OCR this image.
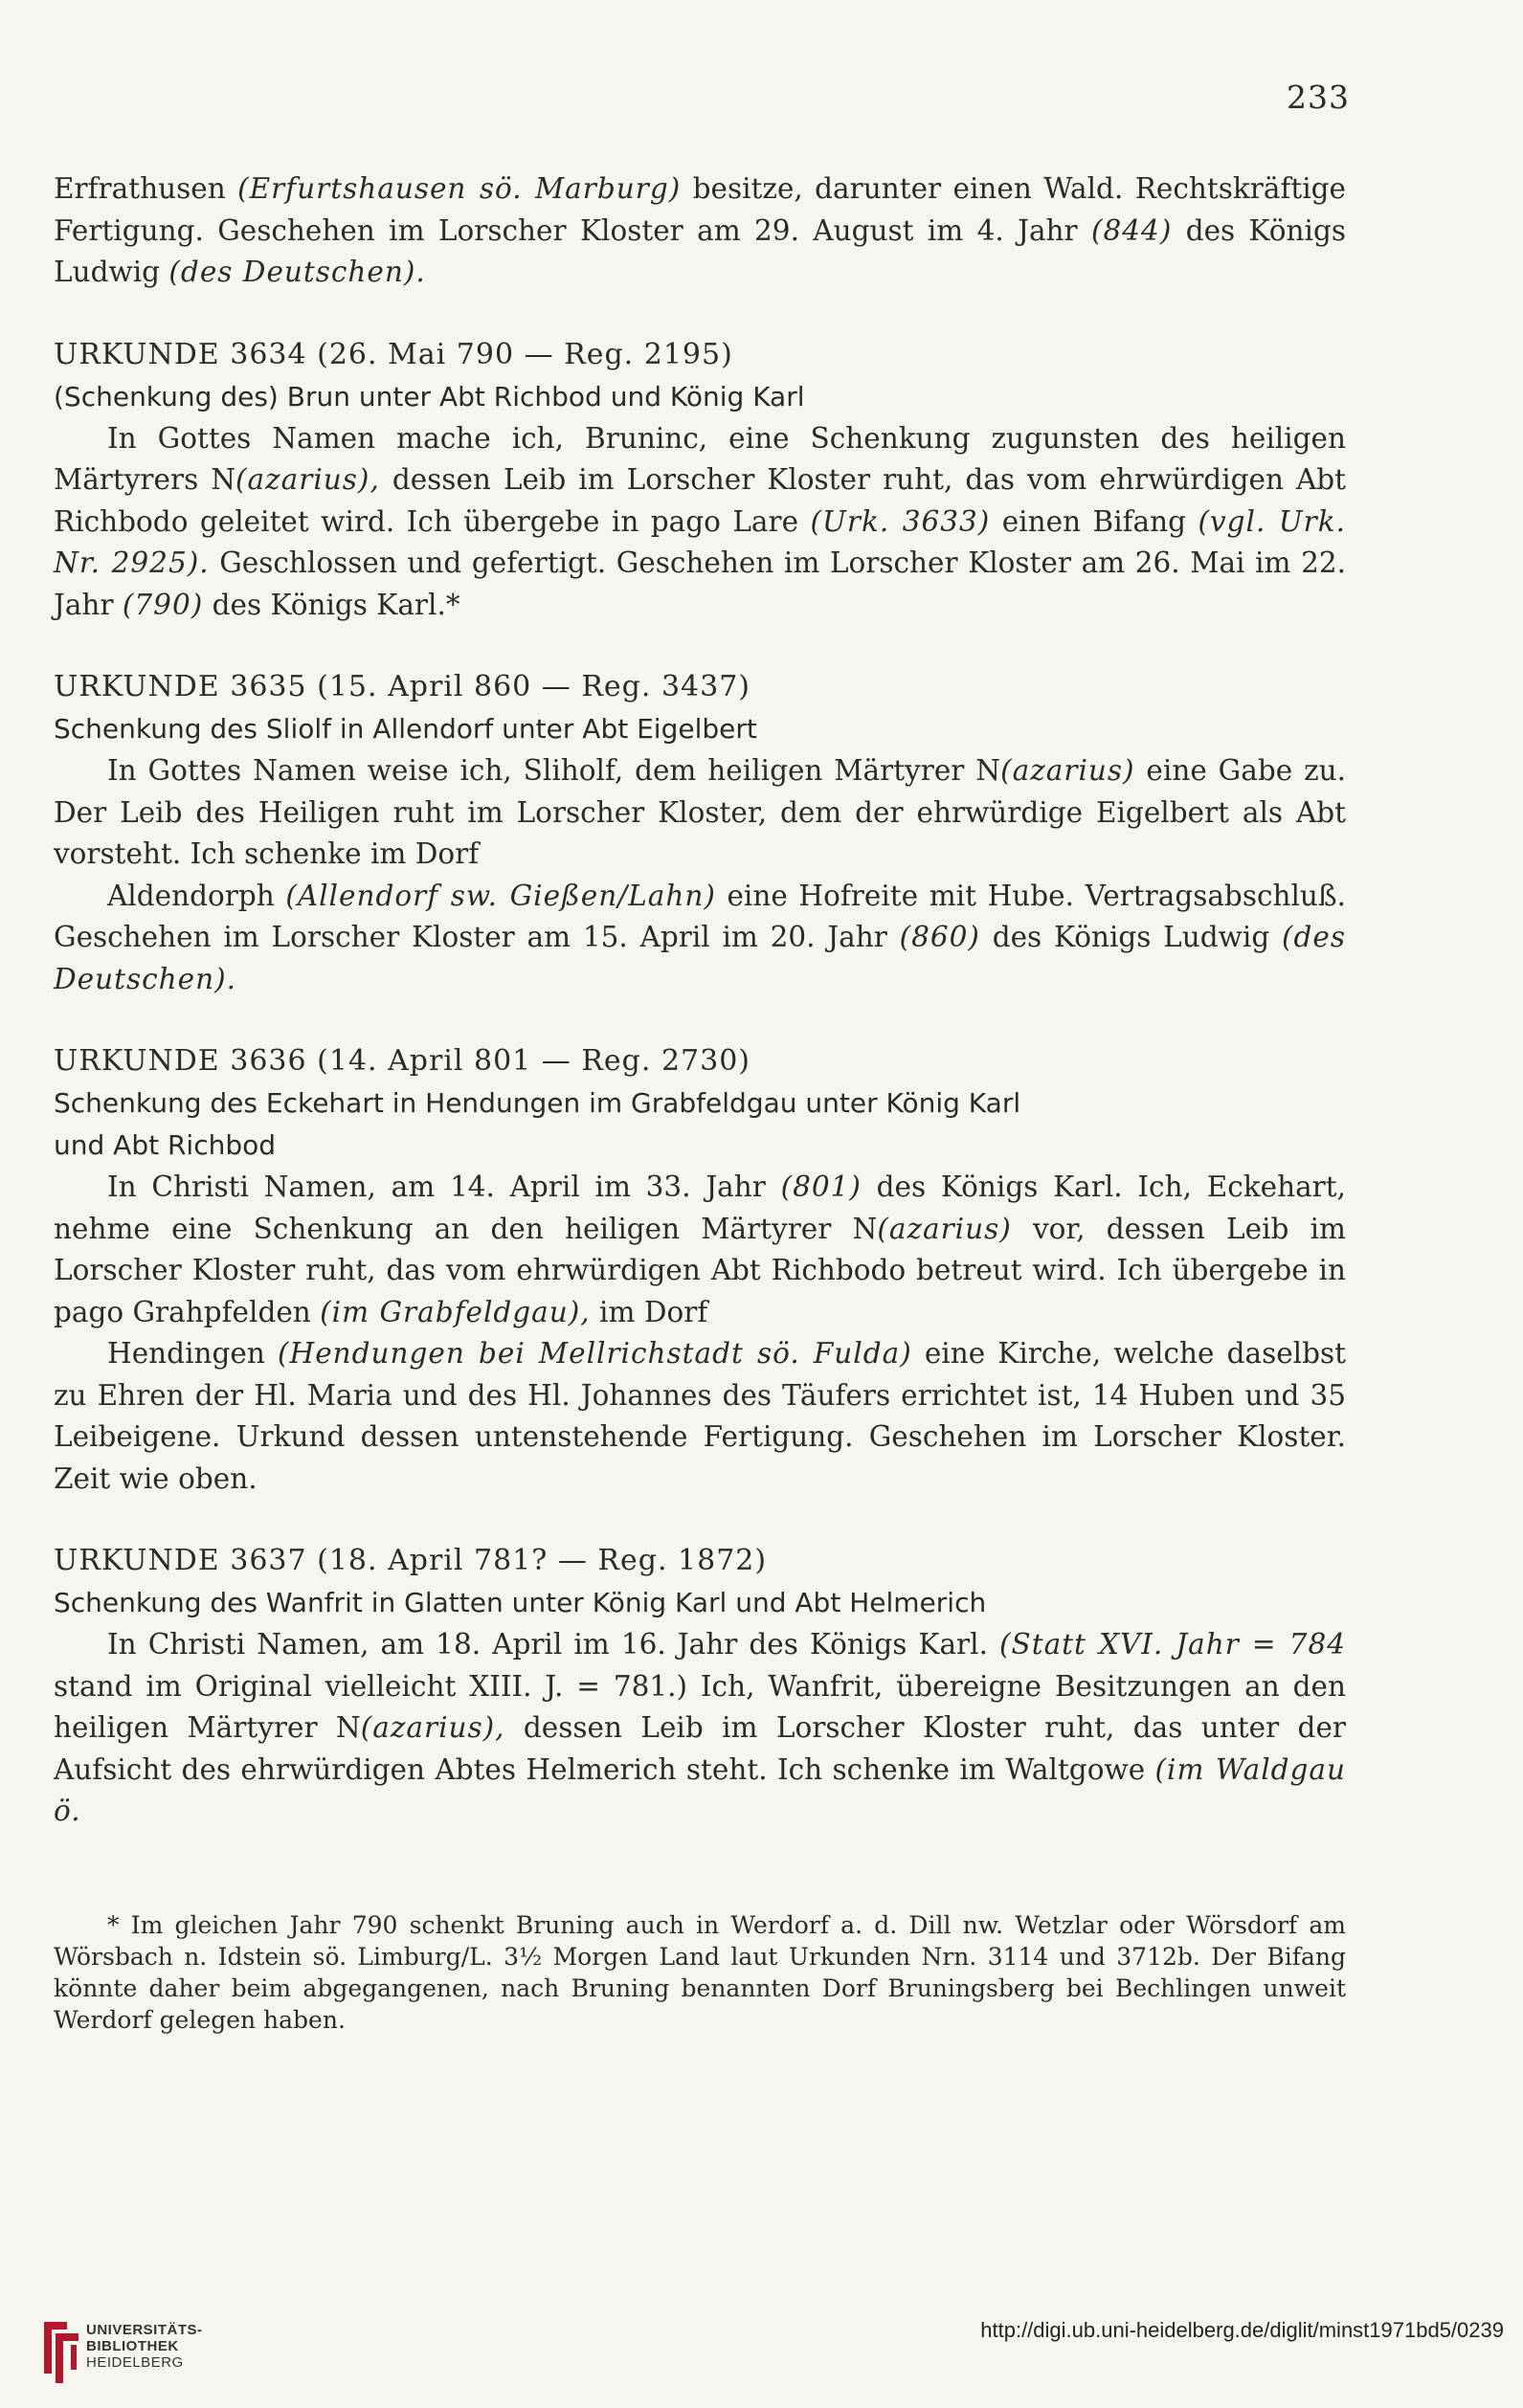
233

Erfrathusen (Erfurtshausen sö. Marburg) besitze, darunter einen Wald. Rechtskräftige Fertigung. Geschehen im Lorscher Kloster am 29. August im 4. Jahr (844) des Königs Ludwig (des Deutschen).

URKUNDE 3634 (26. Mai 790 — Reg. 2195)

(Schenkung des) Brun unter Abt Richbod und König Karl

In Gottes Namen mache ich, Bruninc, eine Schenkung zugunsten des heiligen Märtyrers N(azarius), dessen Leib im Lorscher Kloster ruht, das vom ehrwürdigen Abt Richbodo geleitet wird. Ich übergebe in pago Lare (Urk. 3633) einen Bifang (vgl. Urk. Nr. 2925). Geschlossen und gefertigt. Geschehen im Lorscher Kloster am 26. Mai im 22. Jahr (790) des Königs Karl.*

URKUNDE 3635 (15. April 860 — Reg. 3437)

Schenkung des Sliolf in Allendorf unter Abt Eigelbert

In Gottes Namen weise ich, Sliholf, dem heiligen Märtyrer N(azarius) eine Gabe zu. Der Leib des Heiligen ruht im Lorscher Kloster, dem der ehrwürdige Eigelbert als Abt vorsteht. Ich schenke im Dorf

Aldendorph (Allendorf sw. Gießen/Lahn) eine Hofreite mit Hube. Vertragsabschluß. Geschehen im Lorscher Kloster am 15. April im 20. Jahr (860) des Königs Ludwig (des Deutschen).

URKUNDE 3636 (14. April 801 — Reg. 2730)

Schenkung des Eckehart in Hendungen im Grabfeldgau unter König Karl

und Abt Richbod

In Christi Namen, am 14. April im 33. Jahr (801) des Königs Karl. Ich, Eckehart, nehme eine Schenkung an den heiligen Märtyrer N(azarius) vor, dessen Leib im Lorscher Kloster ruht, das vom ehrwürdigen Abt Richbodo betreut wird. Ich übergebe in pago Grahpfelden (im Grabfeldgau), im Dorf

Hendingen (Hendungen bei Mellrichstadt sö. Fulda) eine Kirche, welche daselbst zu Ehren der Hl. Maria und des Hl. Johannes des Täufers errichtet ist, 14 Huben und 35 Leibeigene. Urkund dessen untenstehende Fertigung. Geschehen im Lorscher Kloster. Zeit wie oben.

URKUNDE 3637 (18. April 781? — Reg. 1872)

Schenkung des Wanfrit in Glatten unter König Karl und Abt Helmerich

In Christi Namen, am 18. April im 16. Jahr des Königs Karl. (Statt XVI. Jahr = 784 stand im Original vielleicht XIII. J. = 781.) Ich, Wanfrit, übereigne Besitzungen an den heiligen Märtyrer N(azarius), dessen Leib im Lorscher Kloster ruht, das unter der Aufsicht des ehrwürdigen Abtes Helmerich steht. Ich schenke im Waltgowe (im Waldgau ö.

* Im gleichen Jahr 790 schenkt Bruning auch in Werdorf a. d. Dill nw. Wetzlar oder Wörsdorf am Wörsbach n. Idstein sö. Limburg/L. 3½ Morgen Land laut Urkunden Nrn. 3114 und 3712b. Der Bifang könnte daher beim abgegangenen, nach Bruning benannten Dorf Bruningsberg bei Bechlingen unweit Werdorf gelegen haben.

UNIVERSITÄTS-
BIBLIOTHEK
HEIDELBERG
http://digi.ub.uni-heidelberg.de/diglit/minst1971bd5/0239
